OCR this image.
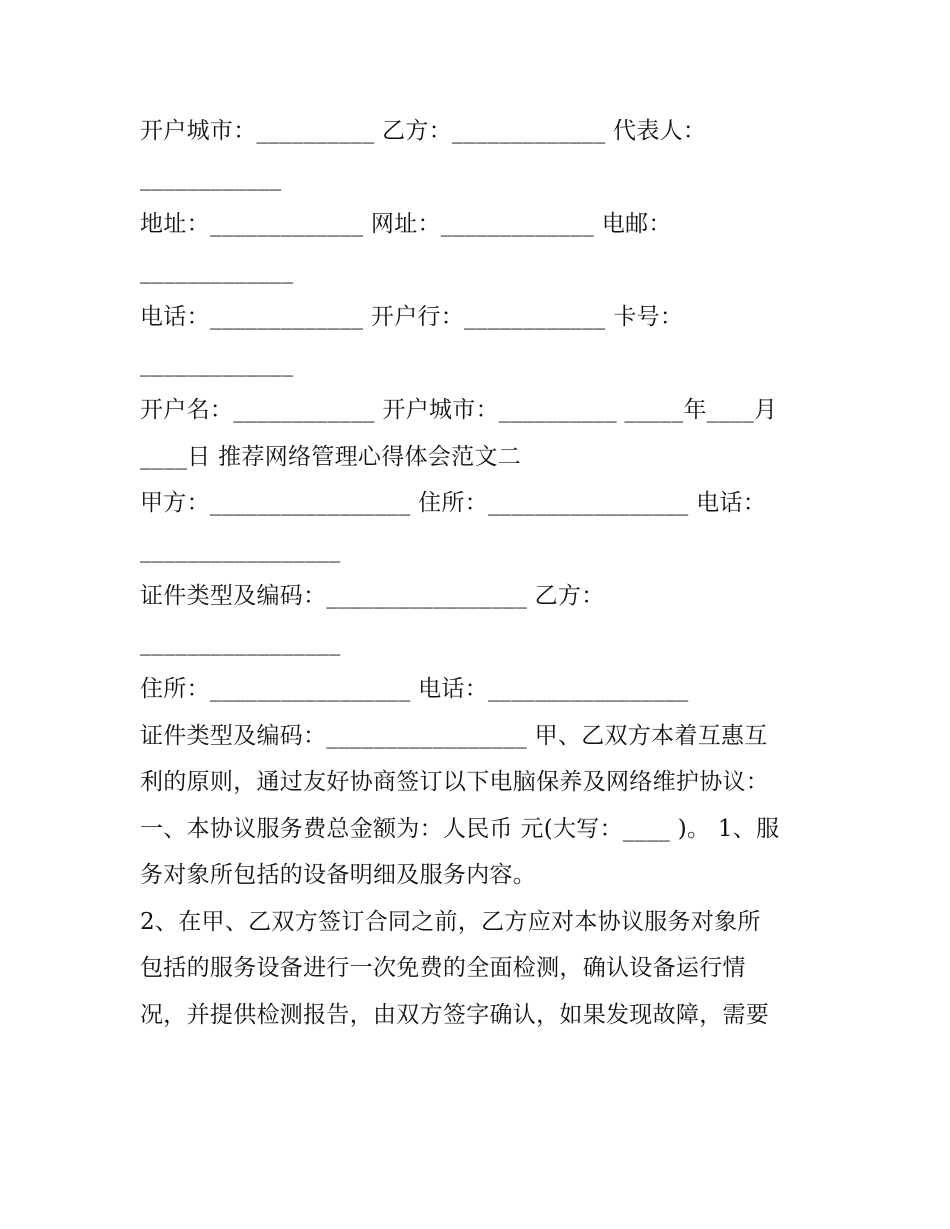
开户城市：__________ 乙方：_____________ 代表人：
____________
地址：_____________ 网址：_____________ 电邮：
_____________
电话：_____________ 开户行：____________ 卡号：
_____________
开户名：____________ 开户城市：__________ _____年____月
____日 推荐网络管理心得体会范文二
甲方：_________________ 住所：_________________ 电话：
_________________
证件类型及编码：_________________ 乙方：
_________________
住所：_________________ 电话：_________________
证件类型及编码：_________________ 甲、乙双方本着互惠互
利的原则，通过友好协商签订以下电脑保养及网络维护协议：
一、本协议服务费总金额为：人民币 元(大写：____ )。 1、服
务对象所包括的设备明细及服务内容。
2、在甲、乙双方签订合同之前，乙方应对本协议服务对象所
包括的服务设备进行一次免费的全面检测，确认设备运行情
况，并提供检测报告，由双方签字确认，如果发现故障，需要
